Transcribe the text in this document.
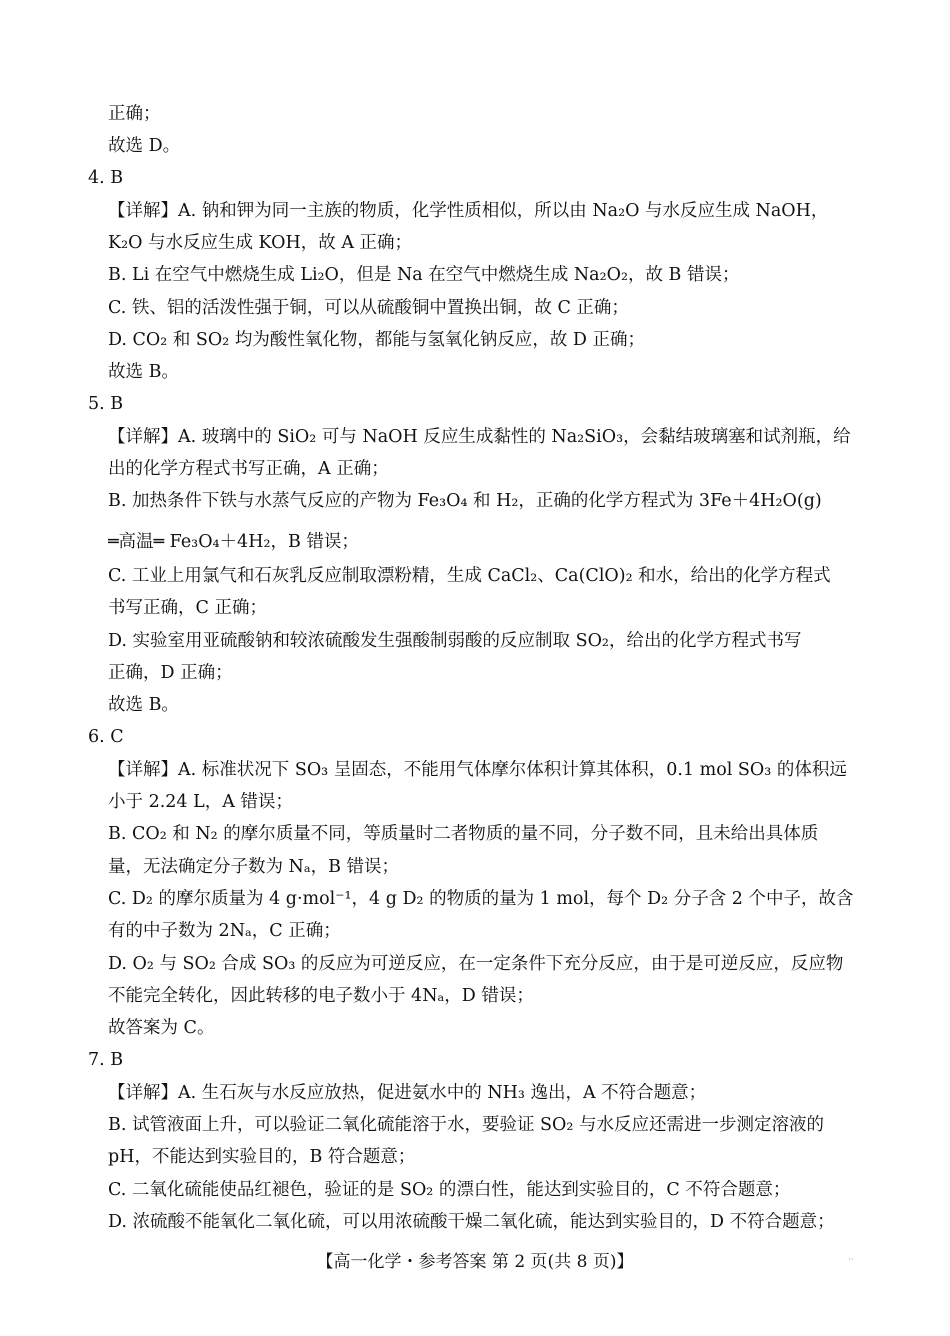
正确；
故选 D。
4. B
【详解】A. 钠和钾为同一主族的物质，化学性质相似，所以由 Na₂O 与水反应生成 NaOH，
K₂O 与水反应生成 KOH，故 A 正确；
B. Li 在空气中燃烧生成 Li₂O，但是 Na 在空气中燃烧生成 Na₂O₂，故 B 错误；
C. 铁、铝的活泼性强于铜，可以从硫酸铜中置换出铜，故 C 正确；
D. CO₂ 和 SO₂ 均为酸性氧化物，都能与氢氧化钠反应，故 D 正确；
故选 B。
5. B
【详解】A. 玻璃中的 SiO₂ 可与 NaOH 反应生成黏性的 Na₂SiO₃，会黏结玻璃塞和试剂瓶，给
出的化学方程式书写正确，A 正确；
B. 加热条件下铁与水蒸气反应的产物为 Fe₃O₄ 和 H₂，正确的化学方程式为 3Fe＋4H₂O(g)
═高温═ Fe₃O₄＋4H₂，B 错误；
C. 工业上用氯气和石灰乳反应制取漂粉精，生成 CaCl₂、Ca(ClO)₂ 和水，给出的化学方程式
书写正确，C 正确；
D. 实验室用亚硫酸钠和较浓硫酸发生强酸制弱酸的反应制取 SO₂，给出的化学方程式书写
正确，D 正确；
故选 B。
6. C
【详解】A. 标准状况下 SO₃ 呈固态，不能用气体摩尔体积计算其体积，0.1 mol SO₃ 的体积远
小于 2.24 L，A 错误；
B. CO₂ 和 N₂ 的摩尔质量不同，等质量时二者物质的量不同，分子数不同，且未给出具体质
量，无法确定分子数为 Nₐ，B 错误；
C. D₂ 的摩尔质量为 4 g·mol⁻¹，4 g D₂ 的物质的量为 1 mol，每个 D₂ 分子含 2 个中子，故含
有的中子数为 2Nₐ，C 正确；
D. O₂ 与 SO₂ 合成 SO₃ 的反应为可逆反应，在一定条件下充分反应，由于是可逆反应，反应物
不能完全转化，因此转移的电子数小于 4Nₐ，D 错误；
故答案为 C。
7. B
【详解】A. 生石灰与水反应放热，促进氨水中的 NH₃ 逸出，A 不符合题意；
B. 试管液面上升，可以验证二氧化硫能溶于水，要验证 SO₂ 与水反应还需进一步测定溶液的
pH，不能达到实验目的，B 符合题意；
C. 二氧化硫能使品红褪色，验证的是 SO₂ 的漂白性，能达到实验目的，C 不符合题意；
D. 浓硫酸不能氧化二氧化硫，可以用浓硫酸干燥二氧化硫，能达到实验目的，D 不符合题意；
【高一化学・参考答案 第 2 页(共 8 页)】	··
